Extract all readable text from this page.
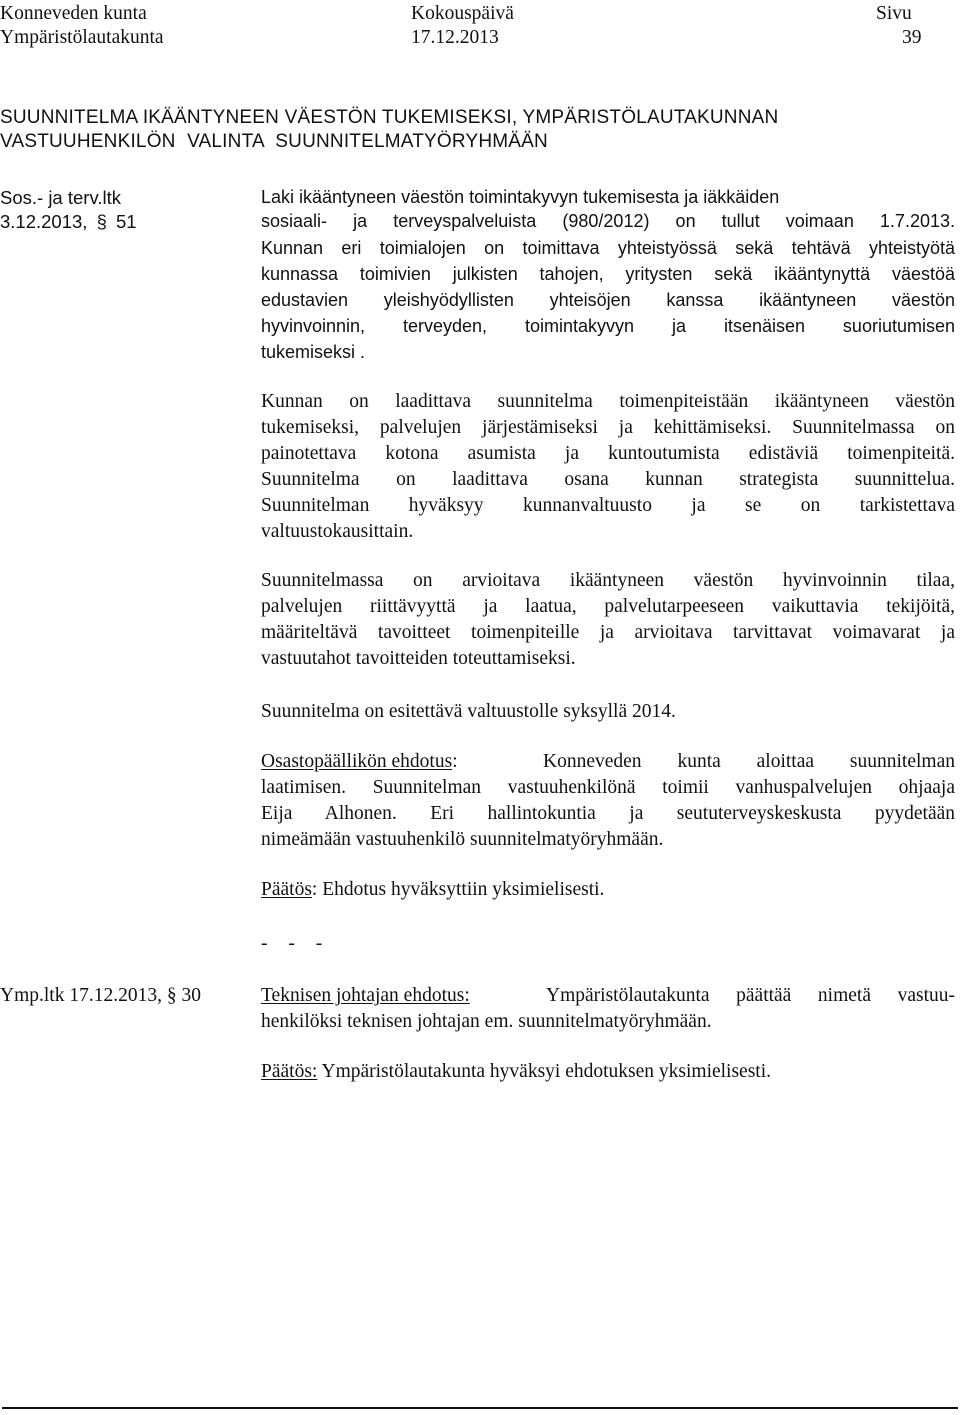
Konneveden kunta
Ympäristölautakunta
Kokouspäivä
17.12.2013
Sivu
39
SUUNNITELMA IKÄÄNTYNEEN VÄESTÖN TUKEMISEKSI, YMPÄRISTÖLAUTAKUNNAN
VASTUUHENKILÖN VALINTA SUUNNITELMATYÖRYHMÄÄN
Sos.- ja terv.ltk
3.12.2013, § 51
Laki ikääntyneen väestön toimintakyvyn tukemisesta ja iäkkäiden
sosiaali- ja terveyspalveluista (980/2012) on tullut voimaan 1.7.2013.
Kunnan eri toimialojen on toimittava yhteistyössä sekä tehtävä yhteistyötä
kunnassa toimivien julkisten tahojen, yritysten sekä ikääntynyttä väestöä
edustavien yleishyödyllisten yhteisöjen kanssa ikääntyneen väestön
hyvinvoinnin, terveyden, toimintakyvyn ja itsenäisen suoriutumisen
tukemiseksi .
Kunnan on laadittava suunnitelma toimenpiteistään ikääntyneen väestön
tukemiseksi, palvelujen järjestämiseksi ja kehittämiseksi. Suunnitelmassa on
painotettava kotona asumista ja kuntoutumista edistäviä toimenpiteitä.
Suunnitelma on laadittava osana kunnan strategista suunnittelua.
Suunnitelman hyväksyy kunnanvaltuusto ja se on tarkistettava
valtuustokausittain.
Suunnitelmassa on arvioitava ikääntyneen väestön hyvinvoinnin tilaa,
palvelujen riittävyyttä ja laatua, palvelutarpeeseen vaikuttavia tekijöitä,
määriteltävä tavoitteet toimenpiteille ja arvioitava tarvittavat voimavarat ja
vastuutahot tavoitteiden toteuttamiseksi.
Suunnitelma on esitettävä valtuustolle syksyllä 2014.
Osastopäällikön ehdotus:	Konneveden kunta aloittaa suunnitelman
laatimisen. Suunnitelman vastuuhenkilönä toimii vanhuspalvelujen ohjaaja
Eija Alhonen. Eri hallintokuntia ja seututerveyskeskusta pyydetään
nimeämään vastuuhenkilö suunnitelmatyöryhmään.
Päätös: Ehdotus hyväksyttiin yksimielisesti.
- - -
Ymp.ltk 17.12.2013, § 30	Teknisen johtajan ehdotus:	Ympäristölautakunta päättää nimetä vastuu-
henkilöksi teknisen johtajan em. suunnitelmatyöryhmään.
Päätös: Ympäristölautakunta hyväksyi ehdotuksen yksimielisesti.
